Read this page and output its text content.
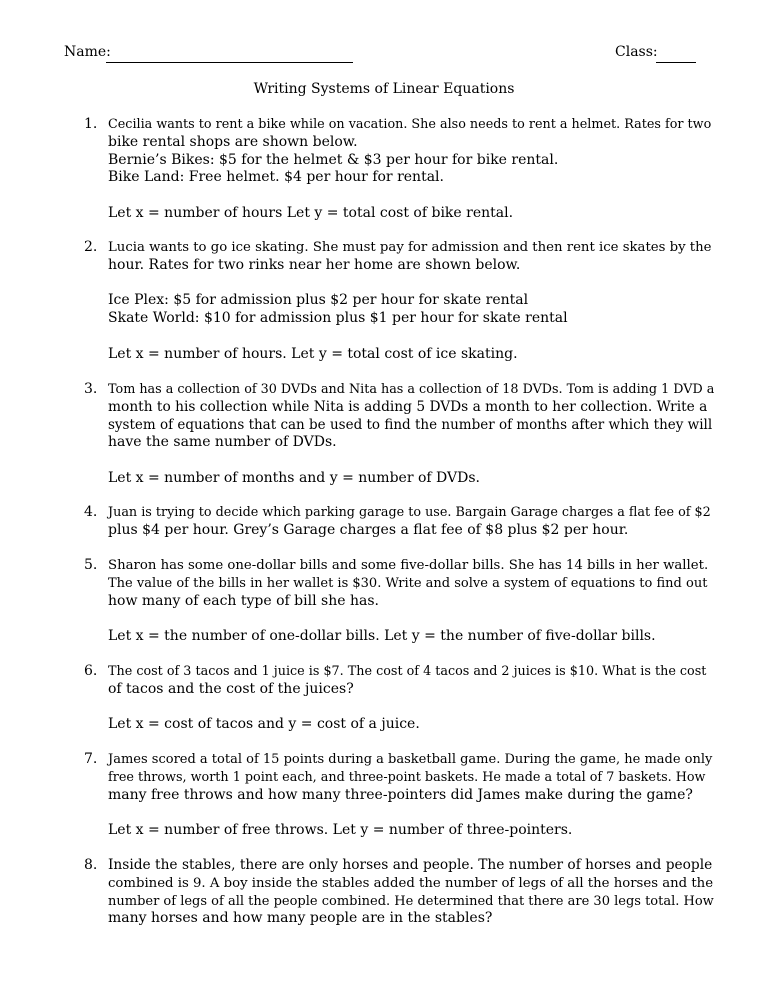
Name:	Class:
Writing Systems of Linear Equations
1. Cecilia wants to rent a bike while on vacation. She also needs to rent a helmet. Rates for two
bike rental shops are shown below.
Bernie’s Bikes: $5 for the helmet & $3 per hour for bike rental.
Bike Land: Free helmet. $4 per hour for rental.
Let x = number of hours Let y = total cost of bike rental.
2. Lucia wants to go ice skating. She must pay for admission and then rent ice skates by the
hour. Rates for two rinks near her home are shown below.
Ice Plex: $5 for admission plus $2 per hour for skate rental
Skate World: $10 for admission plus $1 per hour for skate rental
Let x = number of hours. Let y = total cost of ice skating.
3. Tom has a collection of 30 DVDs and Nita has a collection of 18 DVDs. Tom is adding 1 DVD a
month to his collection while Nita is adding 5 DVDs a month to her collection. Write a
system of equations that can be used to find the number of months after which they will
have the same number of DVDs.
Let x = number of months and y = number of DVDs.
4. Juan is trying to decide which parking garage to use. Bargain Garage charges a flat fee of $2
plus $4 per hour. Grey’s Garage charges a flat fee of $8 plus $2 per hour.
5. Sharon has some one-dollar bills and some five-dollar bills. She has 14 bills in her wallet.
The value of the bills in her wallet is $30. Write and solve a system of equations to find out
how many of each type of bill she has.
Let x = the number of one-dollar bills. Let y = the number of five-dollar bills.
6. The cost of 3 tacos and 1 juice is $7. The cost of 4 tacos and 2 juices is $10. What is the cost
of tacos and the cost of the juices?
Let x = cost of tacos and y = cost of a juice.
7. James scored a total of 15 points during a basketball game. During the game, he made only
free throws, worth 1 point each, and three-point baskets. He made a total of 7 baskets. How
many free throws and how many three-pointers did James make during the game?
Let x = number of free throws. Let y = number of three-pointers.
8. Inside the stables, there are only horses and people. The number of horses and people
combined is 9. A boy inside the stables added the number of legs of all the horses and the
number of legs of all the people combined. He determined that there are 30 legs total. How
many horses and how many people are in the stables?
